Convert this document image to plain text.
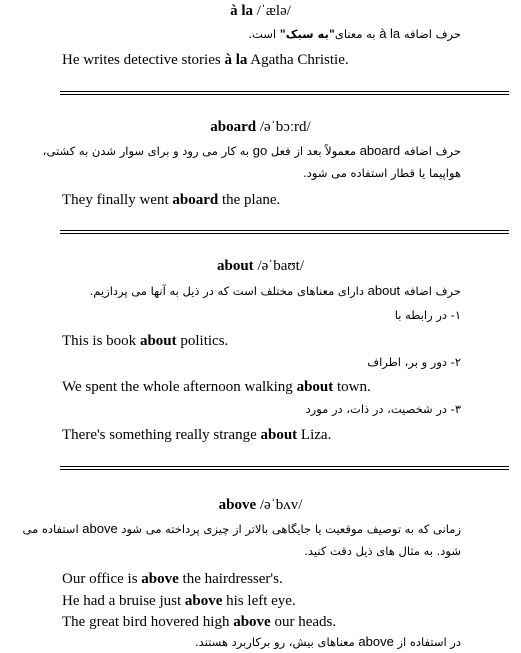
à la /ˈælə/
حرف اضافه à la به معنای"به سبک" است.
He writes detective stories à la Agatha Christie.
aboard /əˈbɔːrd/
حرف اضافه aboard معمولاً بعد از فعل go به کار می رود و برای سوار شدن به کشتی،
هواپیما یا قطار استفاده می شود.
They finally went aboard the plane.
about /əˈbaʊt/
حرف اضافه about دارای معناهای مختلف است که در ذیل به آنها می پردازیم.
۱- در رابطه با
This is book about politics.
۲- دور و بر، اطراف
We spent the whole afternoon walking about town.
۳- در شخصیت، در ذات، در مورد
There's something really strange about Liza.
above /əˈbʌv/
زمانی که به توصیف موقعیت یا جایگاهی بالاتر از چیزی پرداخته می شود above استفاده می
شود. به مثال های ذیل دقت کنید.
Our office is above the hairdresser's.
He had a bruise just above his left eye.
The great bird hovered high above our heads.
در استفاده از above معناهای بیش، رو برکاربرد هستند.
